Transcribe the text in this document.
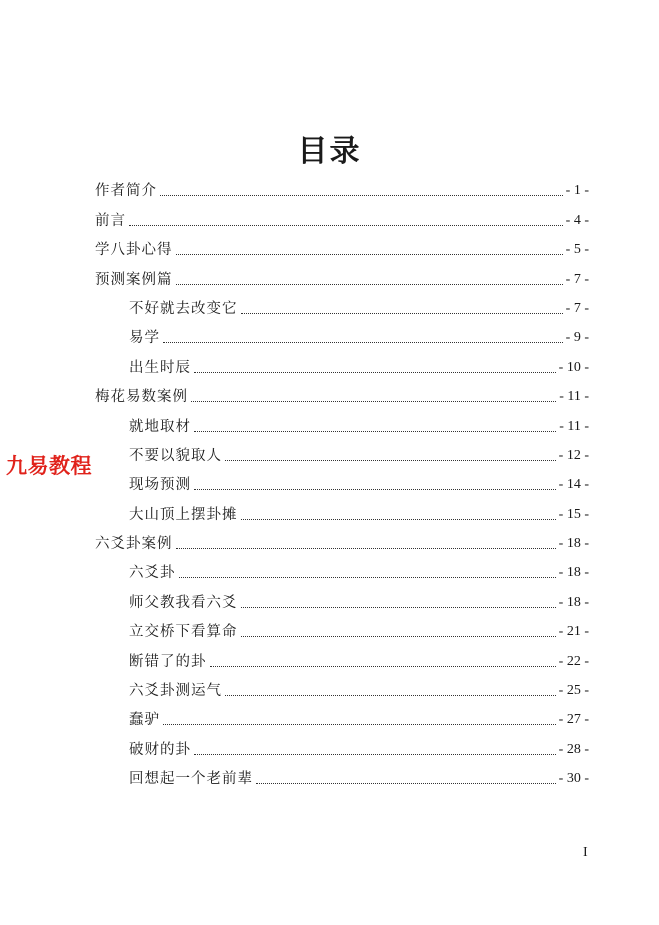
目录
作者简介	- 1 -
前言	- 4 -
学八卦心得	- 5 -
预测案例篇	- 7 -
不好就去改变它	- 7 -
易学	- 9 -
出生时辰	- 10 -
梅花易数案例	- 11 -
就地取材	- 11 -
不要以貌取人	- 12 -
现场预测	- 14 -
大山顶上摆卦摊	- 15 -
六爻卦案例	- 18 -
六爻卦	- 18 -
师父教我看六爻	- 18 -
立交桥下看算命	- 21 -
断错了的卦	- 22 -
六爻卦测运气	- 25 -
蠢驴	- 27 -
破财的卦	- 28 -
回想起一个老前辈	- 30 -
九易教程
I
